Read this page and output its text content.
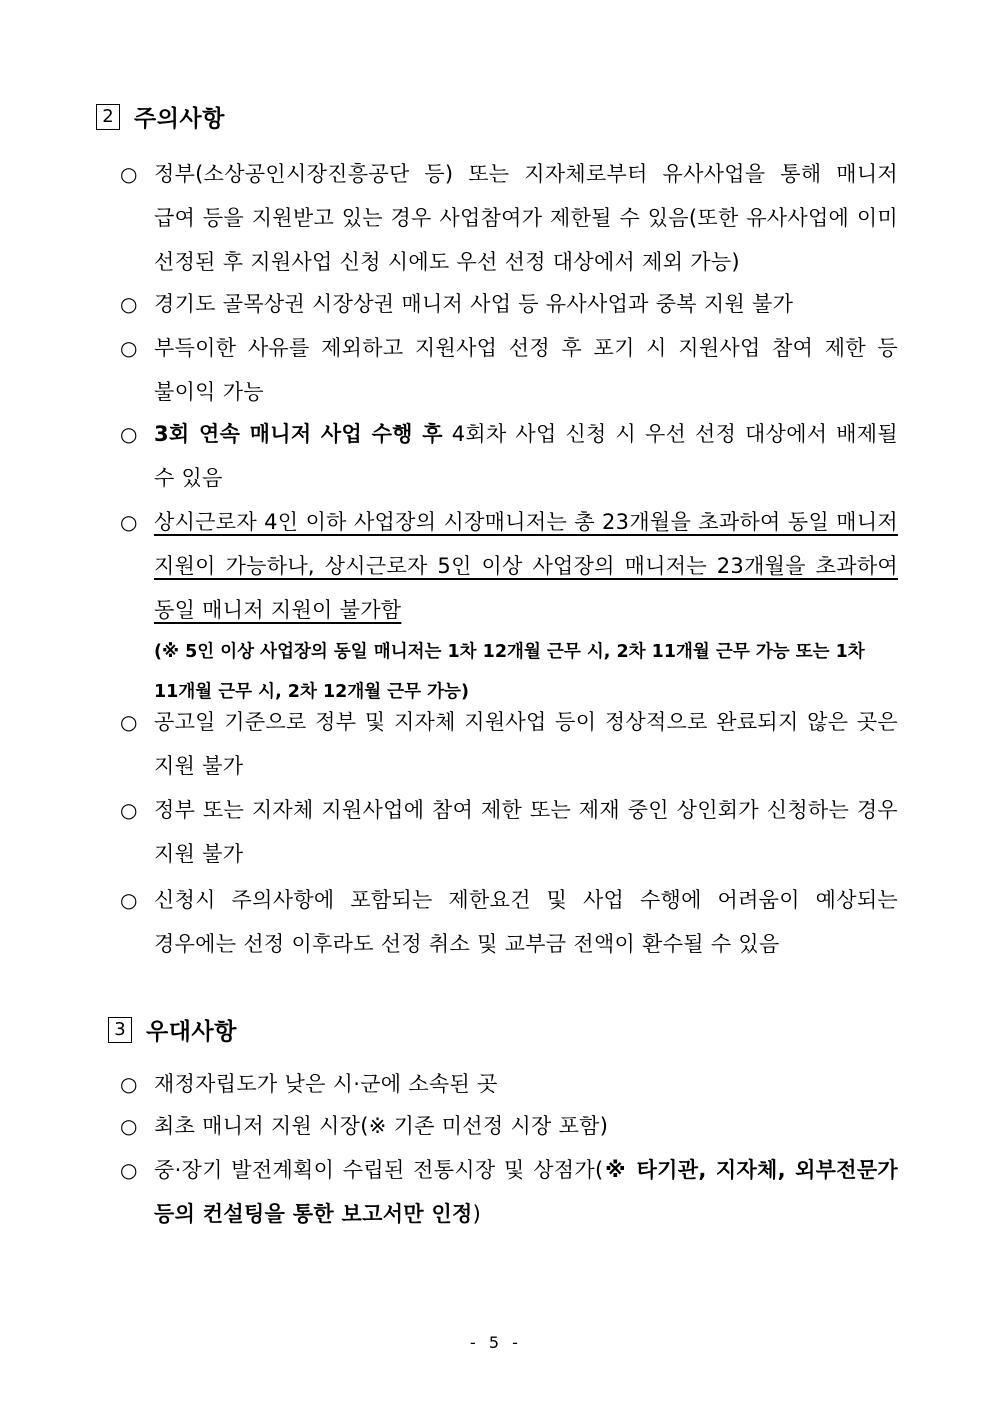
2 주의사항
○ 정부(소상공인시장진흥공단 등) 또는 지자체로부터 유사사업을 통해 매니저 급여 등을 지원받고 있는 경우 사업참여가 제한될 수 있음(또한 유사사업에 이미 선정된 후 지원사업 신청 시에도 우선 선정 대상에서 제외 가능)
○ 경기도 골목상권 시장상권 매니저 사업 등 유사사업과 중복 지원 불가
○ 부득이한 사유를 제외하고 지원사업 선정 후 포기 시 지원사업 참여 제한 등 불이익 가능
○ 3회 연속 매니저 사업 수행 후 4회차 사업 신청 시 우선 선정 대상에서 배제될 수 있음
○ 상시근로자 4인 이하 사업장의 시장매니저는 총 23개월을 초과하여 동일 매니저 지원이 가능하나, 상시근로자 5인 이상 사업장의 매니저는 23개월을 초과하여 동일 매니저 지원이 불가함
(※ 5인 이상 사업장의 동일 매니저는 1차 12개월 근무 시, 2차 11개월 근무 가능 또는 1차 11개월 근무 시, 2차 12개월 근무 가능)
○ 공고일 기준으로 정부 및 지자체 지원사업 등이 정상적으로 완료되지 않은 곳은 지원 불가
○ 정부 또는 지자체 지원사업에 참여 제한 또는 제재 중인 상인회가 신청하는 경우 지원 불가
○ 신청시 주의사항에 포함되는 제한요건 및 사업 수행에 어려움이 예상되는 경우에는 선정 이후라도 선정 취소 및 교부금 전액이 환수될 수 있음
3 우대사항
○ 재정자립도가 낮은 시·군에 소속된 곳
○ 최초 매니저 지원 시장(※ 기존 미선정 시장 포함)
○ 중·장기 발전계획이 수립된 전통시장 및 상점가(※ 타기관, 지자체, 외부전문가 등의 컨설팅을 통한 보고서만 인정)
- 5 -
